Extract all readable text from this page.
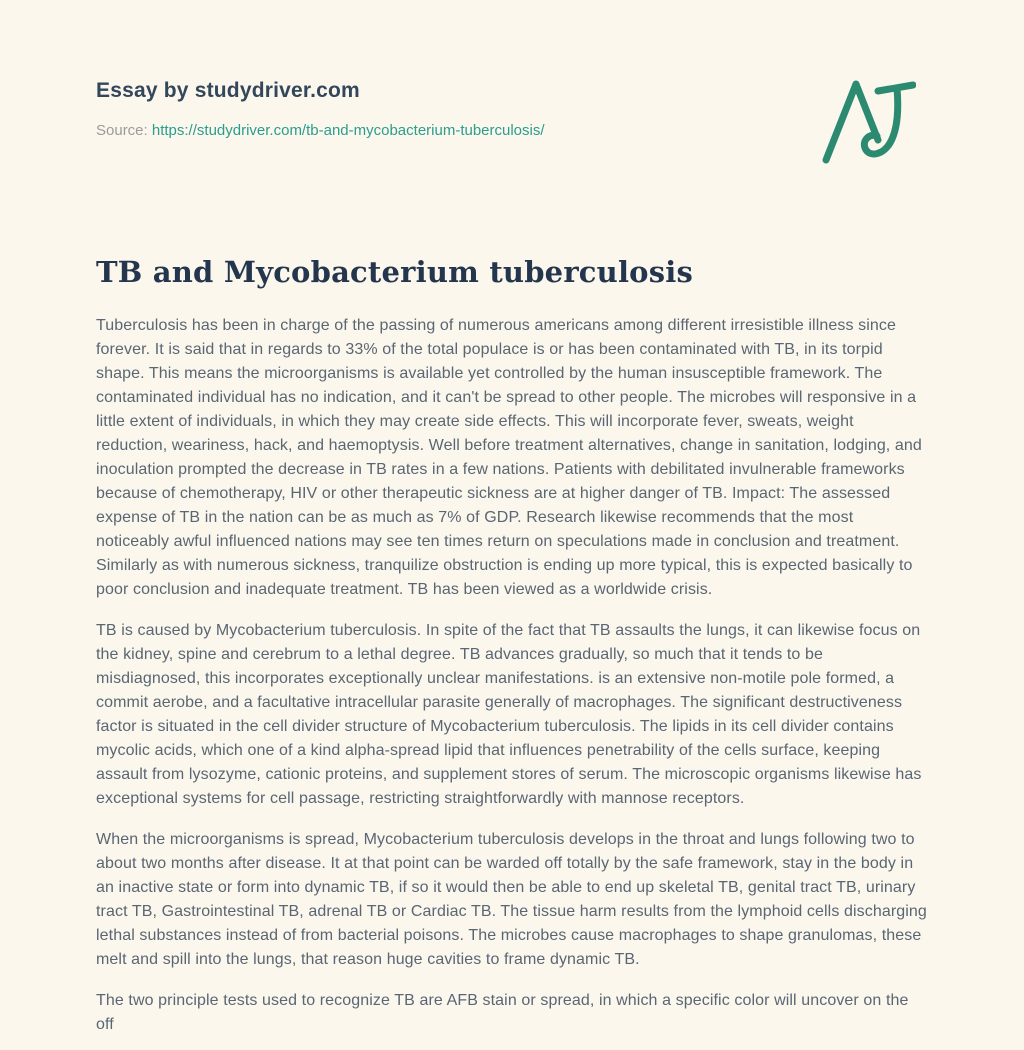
Essay by studydriver.com
Source: https://studydriver.com/tb-and-mycobacterium-tuberculosis/
TB and Mycobacterium tuberculosis

Tuberculosis has been in charge of the passing of numerous americans among different irresistible illness since forever. It is said that in regards to 33% of the total populace is or has been contaminated with TB, in its torpid shape. This means the microorganisms is available yet controlled by the human insusceptible framework. The contaminated individual has no indication, and it can't be spread to other people. The microbes will responsive in a little extent of individuals, in which they may create side effects. This will incorporate fever, sweats, weight reduction, weariness, hack, and haemoptysis. Well before treatment alternatives, change in sanitation, lodging, and inoculation prompted the decrease in TB rates in a few nations. Patients with debilitated invulnerable frameworks because of chemotherapy, HIV or other therapeutic sickness are at higher danger of TB. Impact: The assessed expense of TB in the nation can be as much as 7% of GDP. Research likewise recommends that the most noticeably awful influenced nations may see ten times return on speculations made in conclusion and treatment. Similarly as with numerous sickness, tranquilize obstruction is ending up more typical, this is expected basically to poor conclusion and inadequate treatment. TB has been viewed as a worldwide crisis.

TB is caused by Mycobacterium tuberculosis. In spite of the fact that TB assaults the lungs, it can likewise focus on the kidney, spine and cerebrum to a lethal degree. TB advances gradually, so much that it tends to be misdiagnosed, this incorporates exceptionally unclear manifestations. is an extensive non-motile pole formed, a commit aerobe, and a facultative intracellular parasite generally of macrophages. The significant destructiveness factor is situated in the cell divider structure of Mycobacterium tuberculosis. The lipids in its cell divider contains mycolic acids, which one of a kind alpha-spread lipid that influences penetrability of the cells surface, keeping assault from lysozyme, cationic proteins, and supplement stores of serum. The microscopic organisms likewise has exceptional systems for cell passage, restricting straightforwardly with mannose receptors.

When the microorganisms is spread, Mycobacterium tuberculosis develops in the throat and lungs following two to about two months after disease. It at that point can be warded off totally by the safe framework, stay in the body in an inactive state or form into dynamic TB, if so it would then be able to end up skeletal TB, genital tract TB, urinary tract TB, Gastrointestinal TB, adrenal TB or Cardiac TB. The tissue harm results from the lymphoid cells discharging lethal substances instead of from bacterial poisons. The microbes cause macrophages to shape granulomas, these melt and spill into the lungs, that reason huge cavities to frame dynamic TB.

The two principle tests used to recognize TB are AFB stain or spread, in which a specific color will uncover on the off
